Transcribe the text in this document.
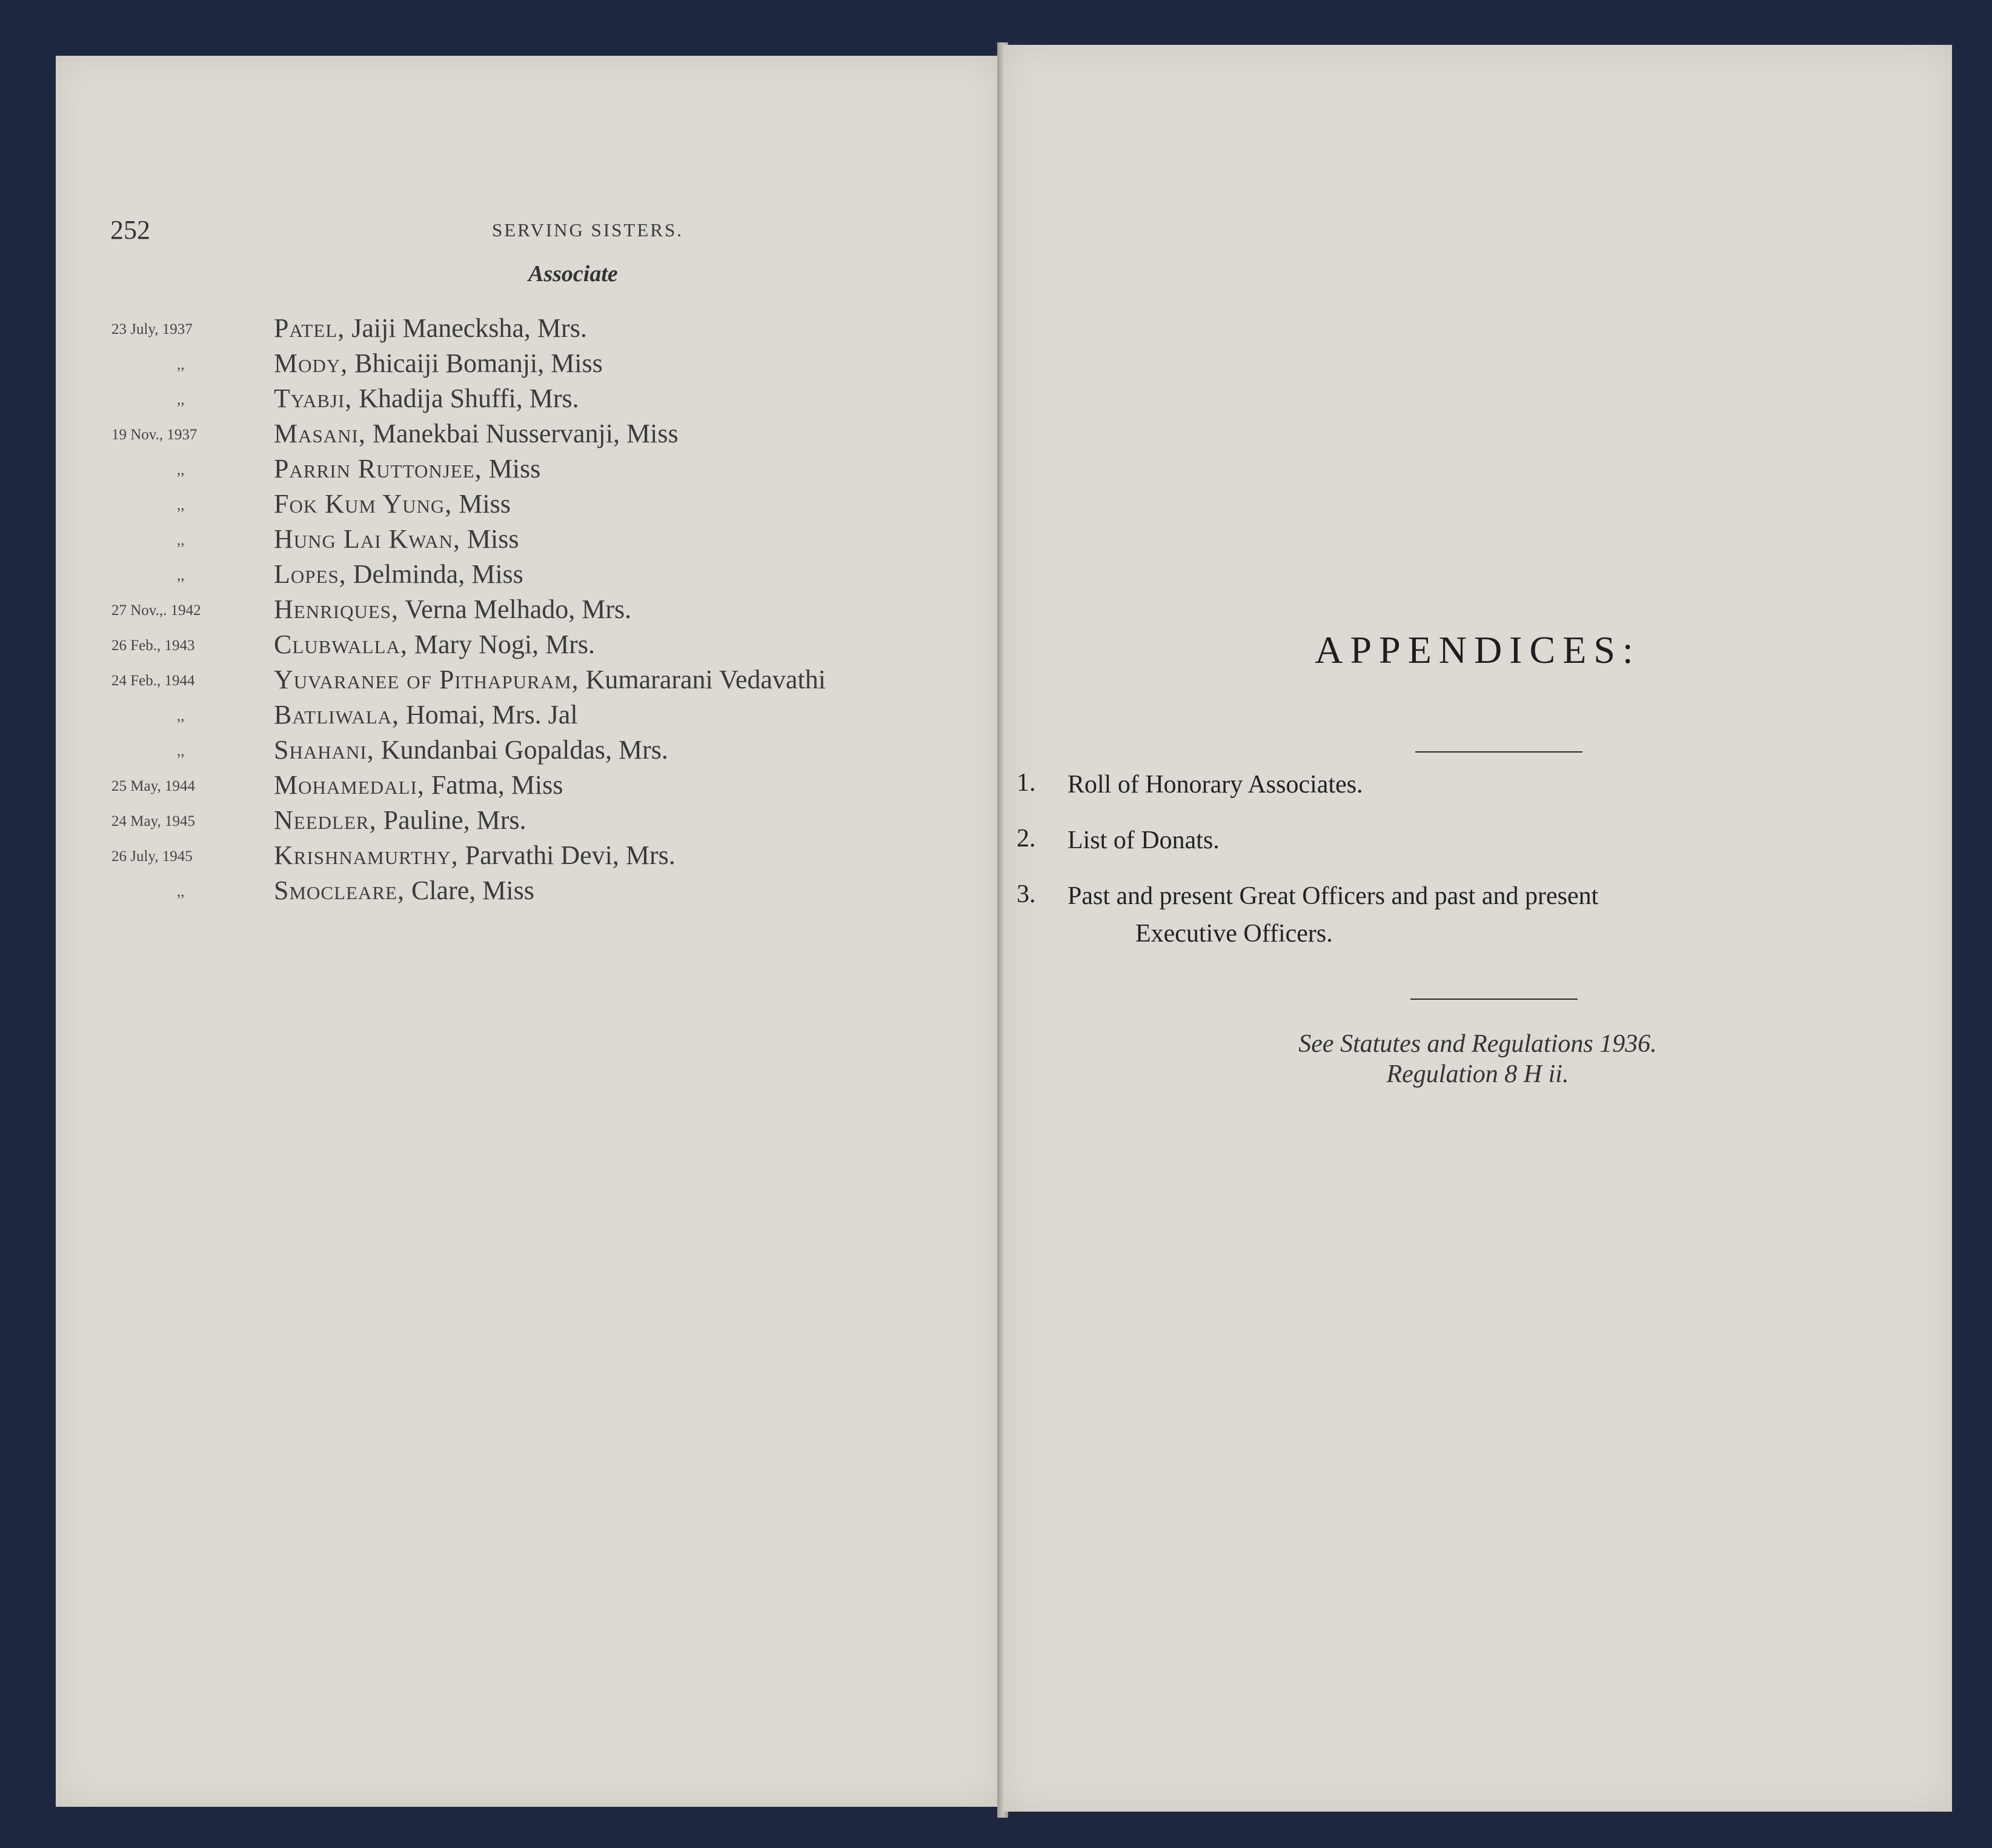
252	SERVING SISTERS.
Associate
23 July, 1937	Patel, Jaiji Maneckshа, Mrs.
,,	Mody, Bhicaiji Bomanji, Miss
,,	Tyabji, Khadija Shuffi, Mrs.
19 Nov., 1937	Masani, Manekbai Nusservanji, Miss
,,	Parrin Ruttonjee, Miss
,,	Fok Kum Yung, Miss
,,	Hung Lai Kwan, Miss
,,	Lopes, Delminda, Miss
27 Nov.,. 1942	Henriques, Verna Melhado, Mrs.
26 Feb., 1943	Clubwalla, Mary Nogi, Mrs.
24 Feb., 1944	Yuvaranee of Pithapuram, Kumararani Vedavathi
,,	Batliwala, Homai, Mrs. Jal
,,	Shahani, Kundanbai Gopaldas, Mrs.
25 May, 1944	Mohamedali, Fatma, Miss
24 May, 1945	Needler, Pauline, Mrs.
26 July, 1945	Krishnamurthy, Parvathi Devi, Mrs.
,,	Smocleare, Clare, Miss
APPENDICES:
1. Roll of Honorary Associates.
2. List of Donats.
3. Past and present Great Officers and past and present
Executive Officers.
See Statutes and Regulations 1936.
Regulation 8 H ii.
